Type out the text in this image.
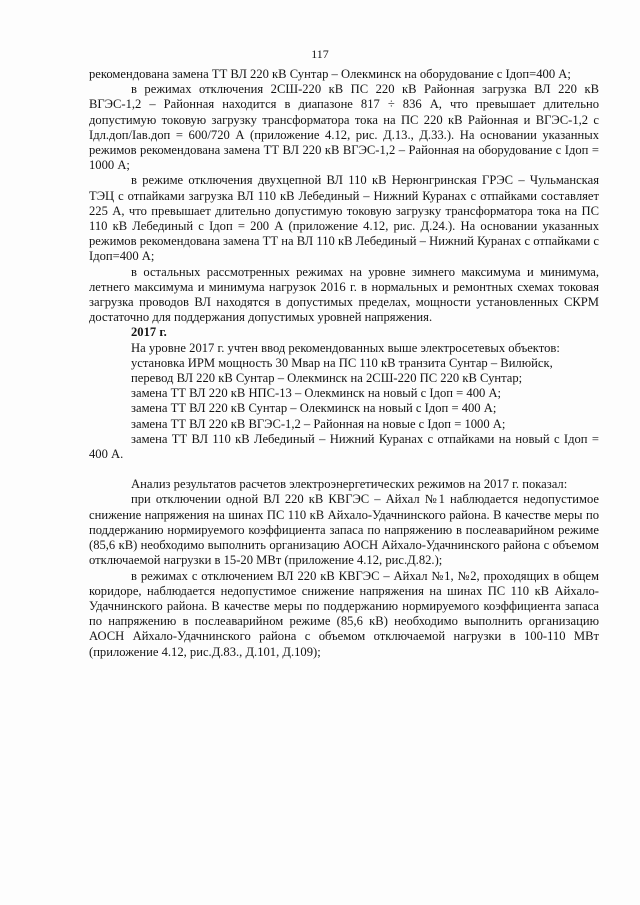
117

рекомендована замена ТТ ВЛ 220 кВ Сунтар – Олекминск на оборудование с Iдоп=400 А;

в режимах отключения 2СШ-220 кВ ПС 220 кВ Районная загрузка ВЛ 220 кВ ВГЭС-1,2 – Районная находится в диапазоне 817 ÷ 836 А, что превышает длительно допустимую токовую загрузку трансформатора тока на ПС 220 кВ Районная и ВГЭС-1,2 с Iдл.доп/Iав.доп = 600/720 А (приложение 4.12, рис. Д.13., Д.33.). На основании указанных режимов рекомендована замена ТТ ВЛ 220 кВ ВГЭС-1,2 – Районная на оборудование с Iдоп = 1000 А;

в режиме отключения двухцепной ВЛ 110 кВ Нерюнгринская ГРЭС – Чульманская ТЭЦ с отпайками загрузка ВЛ 110 кВ Лебединый – Нижний Куранах с отпайками составляет 225 А, что превышает длительно допустимую токовую загрузку трансформатора тока на ПС 110 кВ Лебединый с Iдоп = 200 А (приложение 4.12, рис. Д.24.). На основании указанных режимов рекомендована замена ТТ на ВЛ 110 кВ Лебединый – Нижний Куранах с отпайками с Iдоп=400 А;

в остальных рассмотренных режимах на уровне зимнего максимума и минимума, летнего максимума и минимума нагрузок 2016 г. в нормальных и ремонтных схемах токовая загрузка проводов ВЛ находятся в допустимых пределах, мощности установленных СКРМ достаточно для поддержания допустимых уровней напряжения.

2017 г.

На уровне 2017 г. учтен ввод рекомендованных выше электросетевых объектов:

установка ИРМ мощность 30 Мвар на ПС 110 кВ транзита Сунтар – Вилюйск,

перевод ВЛ 220 кВ Сунтар – Олекминск на 2СШ-220 ПС 220 кВ Сунтар;

замена ТТ ВЛ 220 кВ НПС-13 – Олекминск на новый с Iдоп = 400 А;

замена ТТ ВЛ 220 кВ Сунтар – Олекминск на новый с Iдоп = 400 А;

замена ТТ ВЛ 220 кВ ВГЭС-1,2 – Районная на новые с Iдоп = 1000 А;

замена ТТ ВЛ 110 кВ Лебединый – Нижний Куранах с отпайками на новый с Iдоп = 400 А.

Анализ результатов расчетов электроэнергетических режимов на 2017 г. показал:

при отключении одной ВЛ 220 кВ КВГЭС – Айхал №1 наблюдается недопустимое снижение напряжения на шинах ПС 110 кВ Айхало-Удачнинского района. В качестве меры по поддержанию нормируемого коэффициента запаса по напряжению в послеаварийном режиме (85,6 кВ) необходимо выполнить организацию АОСН Айхало-Удачнинского района с объемом отключаемой нагрузки в 15-20 МВт (приложение 4.12, рис.Д.82.);

в режимах с отключением ВЛ 220 кВ КВГЭС – Айхал №1, №2, проходящих в общем коридоре, наблюдается недопустимое снижение напряжения на шинах ПС 110 кВ Айхало-Удачнинского района. В качестве меры по поддержанию нормируемого коэффициента запаса по напряжению в послеаварийном режиме (85,6 кВ) необходимо выполнить организацию АОСН Айхало-Удачнинского района с объемом отключаемой нагрузки в 100-110 МВт (приложение 4.12, рис.Д.83., Д.101, Д.109);
